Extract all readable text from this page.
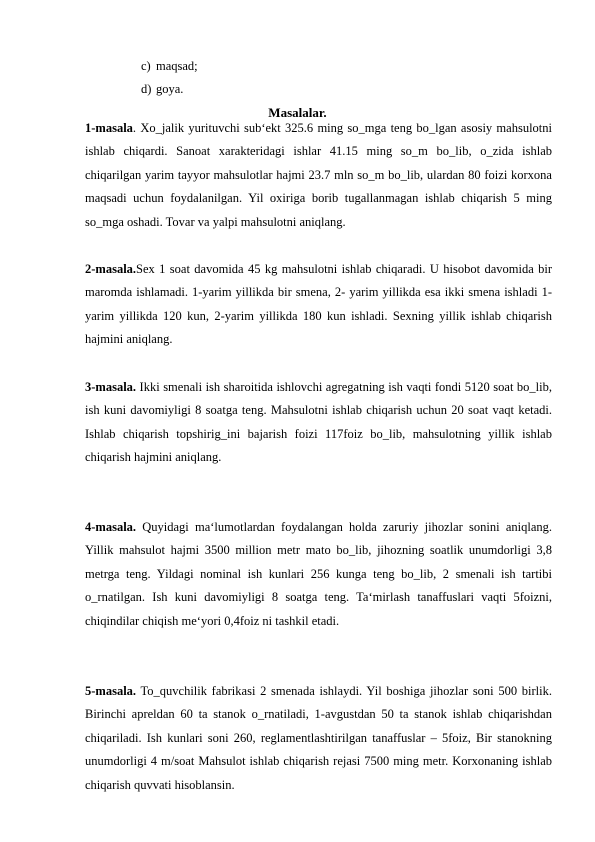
c) maqsad;
d) goya.
Masalalar.

1-masala. Xo_jalik yurituvchi sub‘ekt 325.6 ming so_mga teng bo_lgan asosiy mahsulotni ishlab chiqardi. Sanoat xarakteridagi ishlar 41.15 ming so_m bo_lib, o_zida ishlab chiqarilgan yarim tayyor mahsulotlar hajmi 23.7 mln so_m bo_lib, ulardan 80 foizi korxona maqsadi uchun foydalanilgan. Yil oxiriga borib tugallanmagan ishlab chiqarish 5 ming so_mga oshadi. Tovar va yalpi mahsulotni aniqlang.

2-masala.Sex 1 soat davomida 45 kg mahsulotni ishlab chiqaradi. U hisobot davomida bir maromda ishlamadi. 1-yarim yillikda bir smena, 2- yarim yillikda esa ikki smena ishladi 1-yarim yillikda 120 kun, 2-yarim yillikda 180 kun ishladi. Sexning yillik ishlab chiqarish hajmini aniqlang.

3-masala. Ikki smenali ish sharoitida ishlovchi agregatning ish vaqti fondi 5120 soat bo_lib, ish kuni davomiyligi 8 soatga teng. Mahsulotni ishlab chiqarish uchun 20 soat vaqt ketadi. Ishlab chiqarish topshirig_ini bajarish foizi 117foiz bo_lib, mahsulotning yillik ishlab chiqarish hajmini aniqlang.

4-masala. Quyidagi ma‘lumotlardan foydalangan holda zaruriy jihozlar sonini aniqlang. Yillik mahsulot hajmi 3500 million metr mato bo_lib, jihozning soatlik unumdorligi 3,8 metrga teng. Yildagi nominal ish kunlari 256 kunga teng bo_lib, 2 smenali ish tartibi o_rnatilgan. Ish kuni davomiyligi 8 soatga teng. Ta‘mirlash tanaffuslari vaqti 5foizni, chiqindilar chiqish me‘yori 0,4foiz ni tashkil etadi.

5-masala. To_quvchilik fabrikasi 2 smenada ishlaydi. Yil boshiga jihozlar soni 500 birlik. Birinchi apreldan 60 ta stanok o_rnatiladi, 1-avgustdan 50 ta stanok ishlab chiqarishdan chiqariladi. Ish kunlari soni 260, reglamentlashtirilgan tanaffuslar – 5foiz, Bir stanokning unumdorligi 4 m/soat Mahsulot ishlab chiqarish rejasi 7500 ming metr. Korxonaning ishlab chiqarish quvvati hisoblansin.
